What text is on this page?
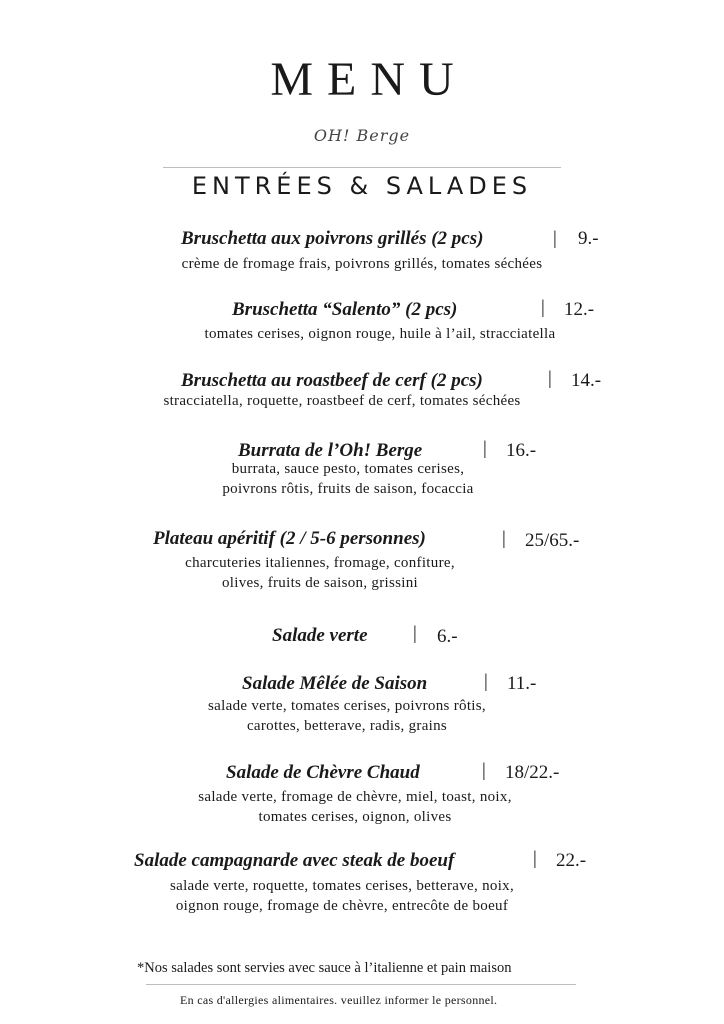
MENU
OH! Berge
ENTRÉES & SALADES
Bruschetta aux poivrons grillés (2 pcs)	| 9.-
crème de fromage frais, poivrons grillés, tomates séchées
Bruschetta “Salento” (2 pcs)	| 12.-
tomates cerises, oignon rouge, huile à l’ail, stracciatella
Bruschetta au roastbeef de cerf (2 pcs)	| 14.-
stracciatella, roquette, roastbeef de cerf, tomates séchées
Burrata de l’Oh! Berge	| 16.-
burrata, sauce pesto, tomates cerises,
poivrons rôtis, fruits de saison, focaccia
Plateau apéritif (2 / 5-6 personnes)	| 25/65.-
charcuteries italiennes, fromage, confiture,
olives, fruits de saison, grissini
Salade verte | 6.-
Salade Mêlée de Saison	| 11.-
salade verte, tomates cerises, poivrons rôtis,
carottes, betterave, radis, grains
Salade de Chèvre Chaud	| 18/22.-
salade verte, fromage de chèvre, miel, toast, noix,
tomates cerises, oignon, olives
Salade campagnarde avec steak de boeuf	| 22.-
salade verte, roquette, tomates cerises, betterave, noix,
oignon rouge, fromage de chèvre, entrecôte de boeuf
*Nos salades sont servies avec sauce à l’italienne et pain maison
En cas d'allergies alimentaires. veuillez informer le personnel.
